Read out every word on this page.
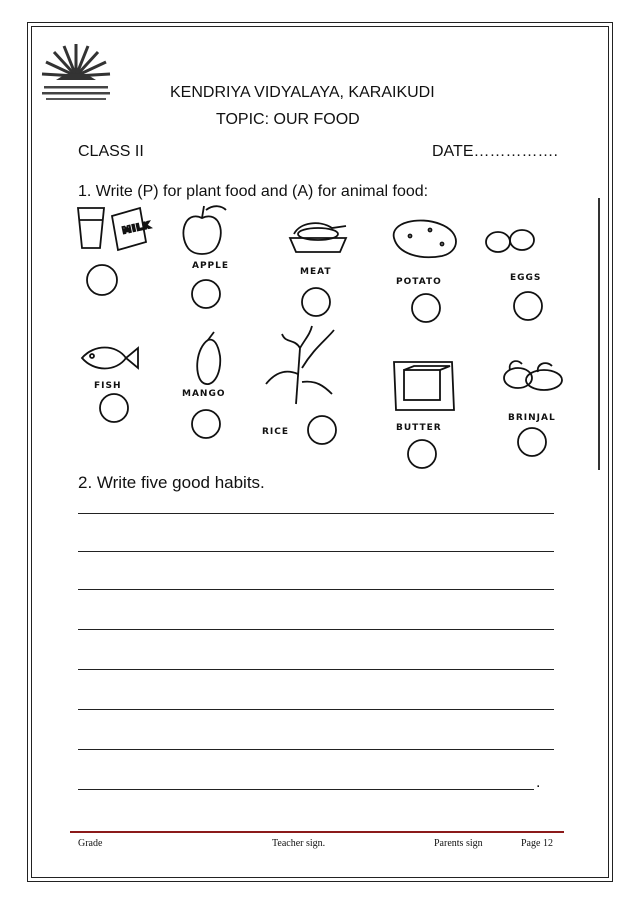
KENDRIYA VIDYALAYA, KARAIKUDI
TOPIC: OUR FOOD
CLASS II	DATE…………….
1. Write (P) for plant food and (A) for animal food:
MILK
APPLE
MEAT
POTATO	EGGS
FISH
MANGO
RICE	BUTTER
BRINJAL
2. Write five good habits.
.
Grade	Teacher sign.	Parents sign	Page 12
